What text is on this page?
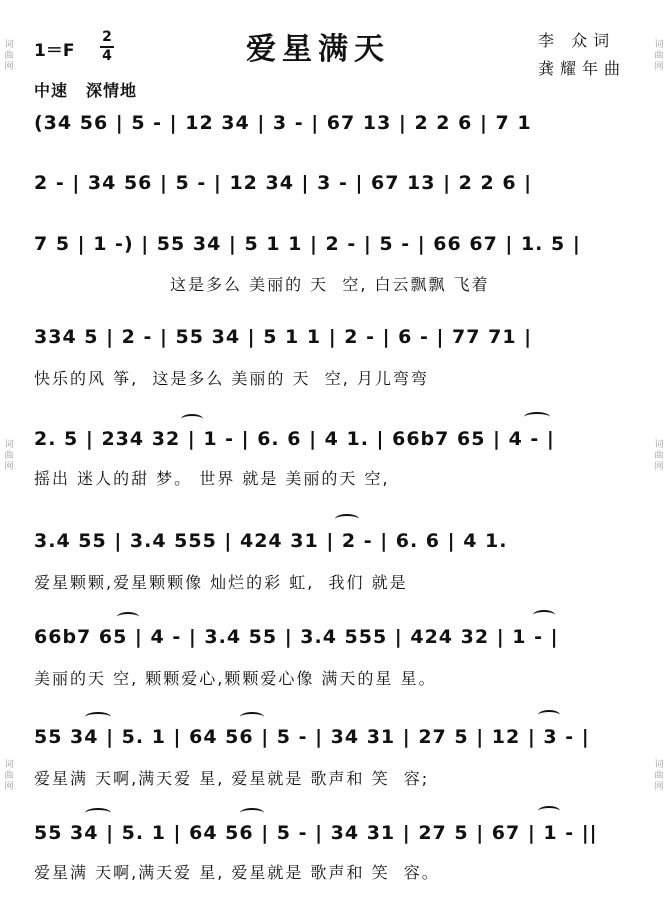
1＝F
2
4	爱星满天	李 众词
龚耀年曲
中速 深情地
词
曲
网
词
曲
网
词
曲
网
词
曲
网
词
曲
网
词
曲
网
(34 56 | 5 - | 12 34 | 3 - | 67 13 | 2 2 6 | 7 1
2 - | 34 56 | 5 - | 12 34 | 3 - | 67 13 | 2 2 6 |
7 5 | 1 -) | 55 34 | 5 1 1 | 2 - | 5 - | 66 67 | 1. 5 |
这是多么 美丽的 天  空, 白云飘飘 飞着
334 5 | 2 - | 55 34 | 5 1 1 | 2 - | 6 - | 77 71 |
快乐的风 筝,  这是多么 美丽的 天  空, 月儿弯弯
2. 5 | 234 32 | 1 - | 6. 6 | 4 1. | 66b7 65 | 4 - |
摇出 迷人的甜 梦。 世界 就是 美丽的天 空,
3.4 55 | 3.4 555 | 424 31 | 2 - | 6. 6 | 4 1.
爱星颗颗,爱星颗颗像 灿烂的彩 虹,  我们 就是
66b7 65 | 4 - | 3.4 55 | 3.4 555 | 424 32 | 1 - |
美丽的天 空, 颗颗爱心,颗颗爱心像 满天的星 星。
55 34 | 5. 1 | 64 56 | 5 - | 34 31 | 27 5 | 12 | 3 - |
爱星满 天啊,满天爱 星, 爱星就是 歌声和 笑  容;
55 34 | 5. 1 | 64 56 | 5 - | 34 31 | 27 5 | 67 | 1 - ||
爱星满 天啊,满天爱 星, 爱星就是 歌声和 笑  容。
